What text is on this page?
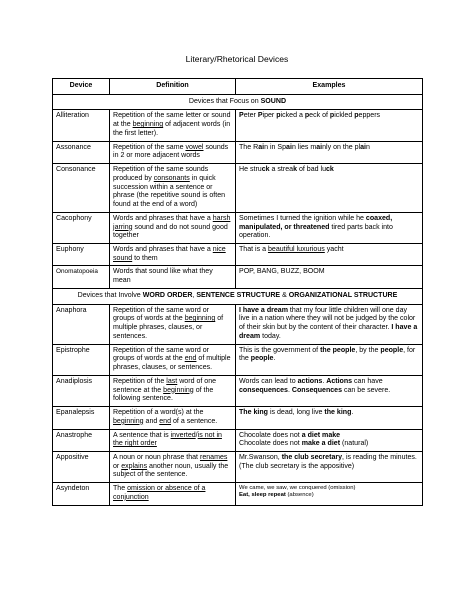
Literary/Rhetorical Devices
Device	Definition	Examples
Devices that Focus on SOUND		
Alliteration	Repetition of the same letter or sound at the beginning of adjacent words (in the first letter).	Peter Piper picked a peck of pickled peppers
Assonance	Repetition of the same vowel sounds in 2 or more adjacent words	The Rain in Spain lies mainly on the plain
Consonance	Repetition of the same sounds produced by consonants in quick succession within a sentence or phrase (the repetitive sound is often found at the end of a word)	He struck a streak of bad luck
Cacophony	Words and phrases that have a harsh jarring sound and do not sound good together	Sometimes I turned the ignition while he coaxed, manipulated, or threatened tired parts back into operation.
Euphony	Words and phrases that have a nice sound to them	That is a beautiful luxurious yacht
Onomatopoeia	Words that sound like what they mean	POP, BANG, BUZZ, BOOM
Devices that Involve WORD ORDER, SENTENCE STRUCTURE & ORGANIZATIONAL STRUCTURE		
Anaphora	Repetition of the same word or groups of words at the beginning of multiple phrases, clauses, or sentences.	I have a dream that my four little children will one day live in a nation where they will not be judged by the color of their skin but by the content of their character. I have a dream today.
Epistrophe	Repetition of the same word or groups of words at the end of multiple phrases, clauses, or sentences.	This is the government of the people, by the people, for the people.
Anadiplosis	Repetition of the last word of one sentence at the beginning of the following sentence.	Words can lead to actions. Actions can have consequences. Consequences can be severe.
Epanalepsis	Repetition of a word(s) at the beginning and end of a sentence.	The king is dead, long live the king.
Anastrophe	A sentence that is inverted/is not in the right order	Chocolate does not a diet make
Chocolate does not make a diet (natural)
Appositive	A noun or noun phrase that renames or explains another noun, usually the subject of the sentence.	Mr.Swanson, the club secretary, is reading the minutes.
(The club secretary is the appositive)
Asyndeton	The omission or absence of a conjunction	We came, we saw, we conquered (omission)
Eat, sleep repeat (absence)
